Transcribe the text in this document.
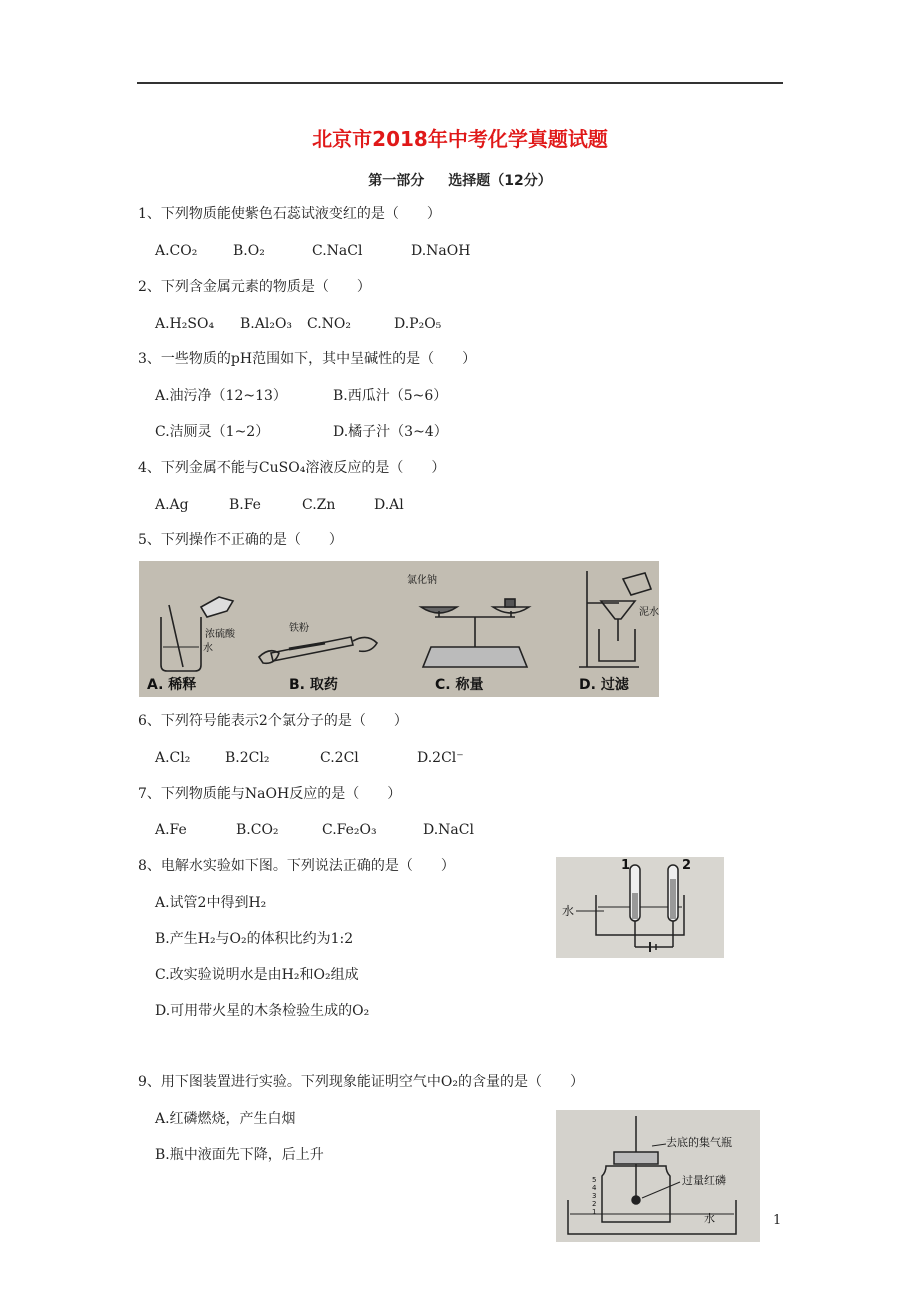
北京市2018年中考化学真题试题
第一部分 选择题（12分）
1、下列物质能使紫色石蕊试液变红的是（　　）
A.CO₂	B.O₂	C.NaCl	D.NaOH
2、下列含金属元素的物质是（　　）
A.H₂SO₄ B.Al₂O₃ C.NO₂	D.P₂O₅
3、一些物质的pH范围如下，其中呈碱性的是（　　）
A.油污净（12~13）	B.西瓜汁（5~6）
C.洁厕灵（1~2）	D.橘子汁（3~4）
4、下列金属不能与CuSO₄溶液反应的是（　　）
A.Ag	B.Fe	C.Zn	D.Al
5、下列操作不正确的是（　　）
浓硫酸
水
A. 稀释
铁粉
B. 取药
氯化钠
C. 称量
泥水
D. 过滤
6、下列符号能表示2个氯分子的是（　　）
A.Cl₂ B.2Cl₂	C.2Cl	D.2Cl⁻
7、下列物质能与NaOH反应的是（　　）
A.Fe	B.CO₂	C.Fe₂O₃	D.NaCl
8、电解水实验如下图。下列说法正确的是（　　）
A.试管2中得到H₂
B.产生H₂与O₂的体积比约为1:2
C.改实验说明水是由H₂和O₂组成
D.可用带火星的木条检验生成的O₂
1	2
水
9、用下图装置进行实验。下列现象能证明空气中O₂的含量的是（　　）
A.红磷燃烧，产生白烟
B.瓶中液面先下降，后上升
5
4
3
2
1
去底的集气瓶
过量红磷
水	1
